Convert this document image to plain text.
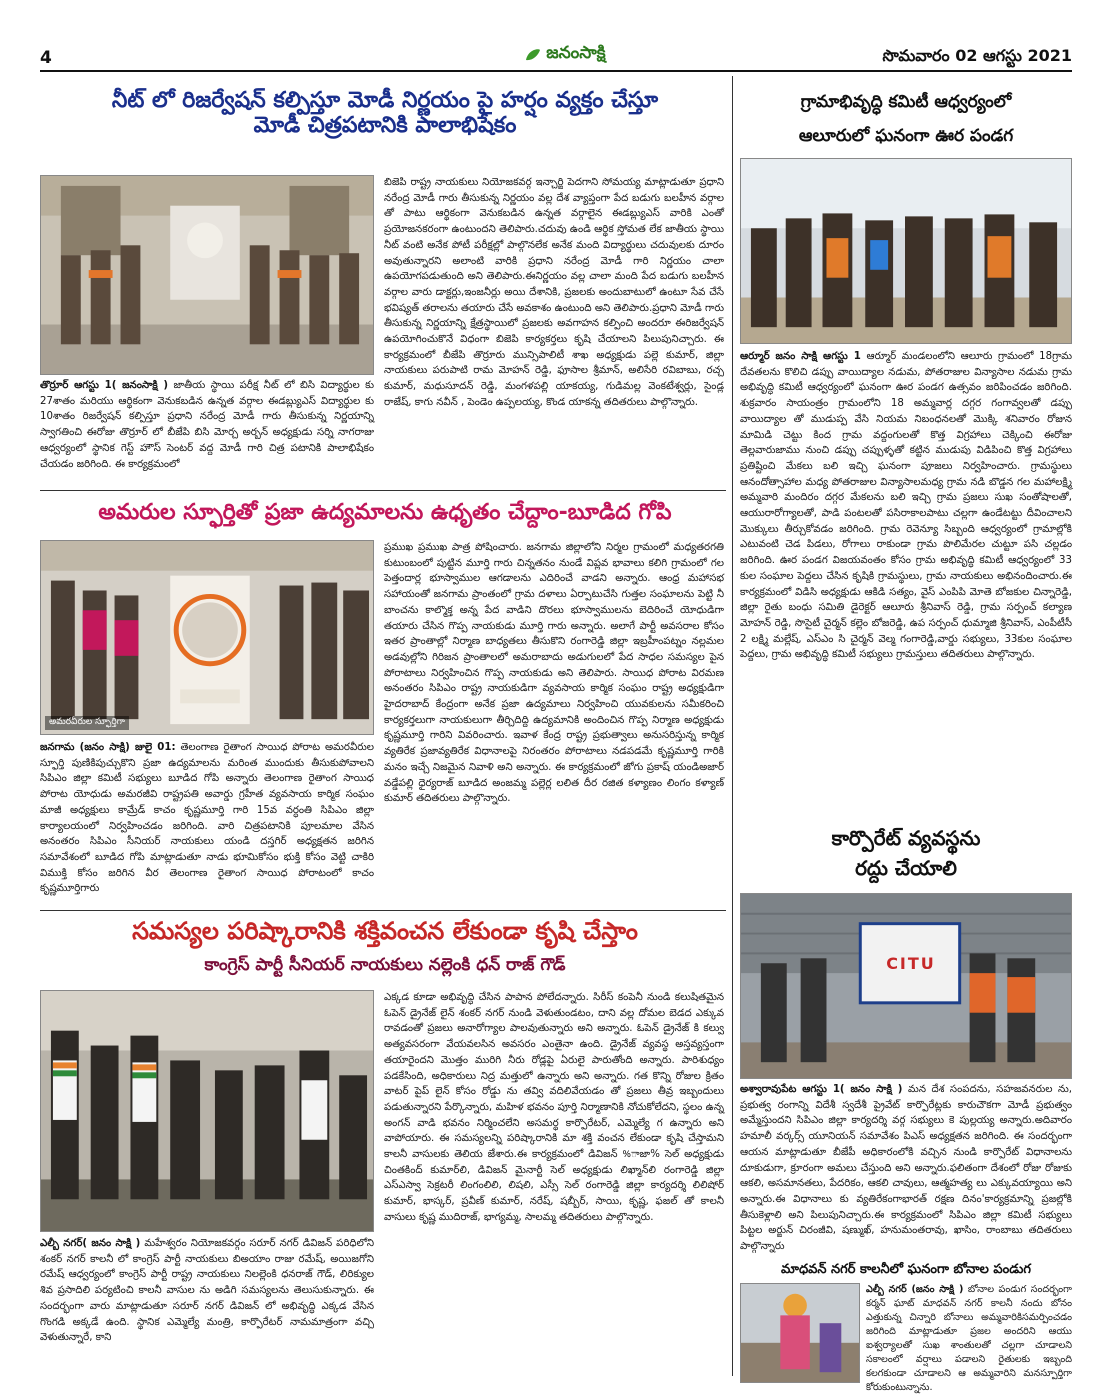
4	జనంసాక్షి	సొమవారం 02 ఆగస్టు 2021
నీట్ లో రిజర్వేషన్ కల్పిస్తూ మోడీ నిర్ణయం పై హర్షం వ్యక్తం చేస్తూ
మోడీ చిత్రపటానికి పాలాభిషేకం
తొర్రూర్ ఆగస్టు 1( జనంసాక్షి ) జాతీయ స్థాయి పరీక్ష నీట్ లో బిసి విద్యార్థుల కు 27శాతం మరియు ఆర్థికంగా వెనుకబడిన ఉన్నత వర్గాల ఈడబ్ల్యుఎస్ విద్యార్థుల కు 10శాతం రిజర్వేషన్ కల్పిస్తూ ప్రధాని నరేంద్ర మోడీ గారు తీసుకున్న నిర్ణయాన్ని స్వాగతించి ఈరోజు తొర్రూర్ లో బీజేపి బిసి మోర్చ అర్బన్ అధ్యక్షుడు సర్ని నాగరాజు ఆధ్వర్యంలో స్థానిక గెస్ట్ హౌస్ సెంటర్ వద్ద మోడీ గారి చిత్ర పటానికి పాలాభిషేకం చేయడం జరిగింది. ఈ కార్యక్రమంలో
బిజెపి రాష్ట్ర నాయకులు నియోజకవర్గ ఇన్చార్జి పెదగాని సోమయ్య మాట్లాడుతూ ప్రధాని నరేంద్ర మోడీ గారు తీసుకున్న నిర్ణయం వల్ల దేశ వ్యాప్తంగా పేద బడుగు బలహీన వర్గాల తో పాటు ఆర్థికంగా వెనుకబడిన ఉన్నత వర్గాలైన ఈడబ్ల్యుఎస్ వారికి ఎంతో ప్రయోజనకరంగా ఉంటుందని తెలిపారు.చదువు ఉండి ఆర్థిక స్తోమత లేక జాతీయ స్థాయి నీట్ వంటి అనేక పోటీ పరీక్షల్లో పాల్గొనలేక అనేక మంది విద్యార్థులు చదువులకు దూరం అవుతున్నారని అలాంటి వారికి ప్రధాని నరేంద్ర మోడీ గారి నిర్ణయం చాలా ఉపయోగపడుతుంది అని తెలిపారు.ఈనిర్ణయం వల్ల చాలా మంది పేద బడుగు బలహీన వర్గాల వారు డాక్టర్లు,ఇంజనీర్లు అయి దేశానికి, ప్రజలకు అందుబాటులో ఉంటూ సేవ చేసే భవిష్యత్ తరాలను తయారు చేసే అవకాశం ఉంటుంది అని తెలిపారు.ప్రధాని మోడీ గారు తీసుకున్న నిర్ణయాన్ని క్షేత్రస్థాయిలో ప్రజలకు అవగాహన కల్పించి అందరూ ఈరిజర్వేషన్ ఉపయోగించుకొనే విధంగా బిజెపి కార్యకర్తలు కృషి చేయాలని పిలుపునిచ్చారు. ఈ కార్యక్రమంలో బీజేపి తొర్రూరు మున్సిపాలిటీ శాఖ అధ్యక్షుడు పల్లె కుమార్, జిల్లా నాయకులు పరుపాటి రామ మోహన్ రెడ్డి, ఫూసాల శ్రీమాన్, అలిసేరి రవిబాబు, రచ్చ కుమార్, మధుసూదన్ రెడ్డి, మంగళపల్లి యాకయ్య, గుడిమల్ల వెంకటేశ్వర్లు, సైండ్ల రాజేష్, కాగు నవీన్ , పెండెం ఉప్పలయ్య, కొండ యాకన్న తదితరులు పాల్గొన్నారు.
గ్రామాభివృద్ధి కమిటీ ఆధ్వర్యంలో
ఆలూరులో ఘనంగా ఊర పండగ
ఆర్మూర్ జనం సాక్షి ఆగస్టు 1 ఆర్మూర్ మండలంలోని ఆలూరు గ్రామంలో 18గ్రామ దేవతలను కొలిచి డప్పు వాయిద్యాల నడుమ, పోతరాజుల విన్యాసాల నడుమ గ్రామ అభివృద్ధి కమిటీ ఆధ్వర్యంలో ఘనంగా ఊర పండగ ఉత్సవం జరిపించడం జరిగింది. శుక్రవారం సాయంత్రం గ్రామంలోని 18 అమ్మవార్ల దగ్గర గంగావ్వలతో డప్పు వాయిద్యాల తో ముడుప్ప వేసి నియమ నిబంధనలతో మొక్కి శనివారం రోజున మామిడి చెట్టు కింద గ్రామ వద్దంగులతో కొత్త విగ్రహాలు చెక్కించి ఈరోజు తెల్లవారుజాము నుంచి డప్పు చప్పుళ్ళతో కట్టిన ముడుపు విడిపించి కొత్త విగ్రహాలు ప్రతిష్టించి మేకలు బలి ఇచ్చి ఘనంగా పూజలు నిర్వహించారు. గ్రామస్థులు ఆనందోత్సాహాల మధ్య పోతరాజుల విన్యాసాలమధ్య గ్రామ నడి బొడ్డన గల మహాలక్ష్మి అమ్మవారి మందిరం దగ్గర మేకలను బలి ఇచ్చి గ్రామ ప్రజలు సుఖ సంతోషాలతో, ఆయురారోగ్యాలతో, పాడి పంటలతో పసిరాకాలపాటు చల్లగా ఉండేటట్టు దీవించాలని మొక్కులు తీర్చుకోవడం జరిగింది. గ్రామ రెవెన్యూ సిబ్బంది ఆధ్వర్యంలో గ్రామాల్లోకి ఎటువంటి చెడ పిడలు, రోగాలు రాకుండా గ్రామ పొలిమేరల చుట్టూ పసి చల్లడం జరిగింది. ఊర పండగ విజయవంతం కోసం గ్రామ అభివృద్ధి కమిటీ ఆధ్వర్యంలో 33 కుల సంఘాల పెద్దలు చేసిన కృషికి గ్రామస్థులు, గ్రామ నాయకులు అభినందించారు.ఈ కార్యక్రమంలో విడిసి అధ్యక్షుడు ఆకిడి సత్యం, వైస్ ఎంపిపి మోతె బోజకుల చిన్నారెడ్డి, జిల్లా రైతు బంధు సమితి డైరెక్టర్ ఆలూరు శ్రీనివాస్ రెడ్డి, గ్రామ సర్పంచ్ కల్యాణ మోహన్ రెడ్డి, సొసైటీ చైర్మన్ కల్లెం బోజరెడ్డి, ఉప సర్పంచ్ ధుమ్మాజి శ్రీనివాస్, ఎంపీటీసీ 2 లక్ష్మి మల్లేష్, ఎస్ఎం సి చైర్మన్ వెల్మ గంగారెడ్డి,వార్డు సభ్యులు, 33కుల సంఘాల పెద్దలు, గ్రామ అభివృద్ధి కమిటీ సభ్యులు గ్రామస్తులు తదితరులు పాల్గొన్నారు.
అమరుల స్ఫూర్తితో ప్రజా ఉద్యమాలను ఉధృతం చేద్దాం-బూడిద గోపి
అమరవీరుల స్ఫూర్తిగా
జనగామ (జనం సాక్షి) జులై 01: తెలంగాణ రైతాంగ సాయిధ పోరాట అమరవీరుల స్ఫూర్తి పుణికిపుచ్చుకొని ప్రజా ఉద్యమాలను మరింత ముందుకు తీసుకుపోవాలని సిపిఎం జిల్లా కమిటీ సభ్యులు బూడిద గోపి అన్నారు తెలంగాణ రైతాంగ సాయిధ పోరాట యోధుడు అమరజీవి రాష్ట్రపతి అవార్డు గ్రహీత వ్యవసాయ కార్మిక సంఘం మాజీ అధ్యక్షులు కామ్రేడ్ కాచం కృష్ణమూర్తి గారి 15వ వర్ధంతి సిపిఎం జిల్లా కార్యాలయంలో నిర్వహించడం జరిగింది. వారి చిత్రపటానికి పూలమాల వేసిన అనంతరం సిపిఎం సీనియర్ నాయకులు యండి దస్తగిర్ అధ్యక్షతన జరిగిన సమావేశంలో బూడిద గోపి మాట్లాడుతూ నాడు భూమికోసం భుక్తి కోసం వెట్టి చాకిరి విముక్తి కోసం జరిగిన వీర తెలంగాణ రైతాంగ సాయిధ పోరాటంలో కాచం కృష్ణమూర్తిగారు
ప్రముఖ ప్రముఖ పాత్ర పోషించారు. జనగామ జిల్లాలోని నిర్మల గ్రామంలో మధ్యతరగతి కుటుంబంలో పుట్టిన మూర్తి గారు చిన్నతనం నుండే విప్లవ భావాలు కలిగి గ్రామంలో గల పెత్తందార్ల భూస్వాముల ఆగడాలను ఎదిరించే వాడని అన్నారు. ఆంధ్ర మహాసభ సహాయంతో జనగామ ప్రాంతంలో గ్రామ దళాలు ఏర్పాటుచేసి గుత్తల సంఘాలను పెట్టి నీ బాంచను కాల్మొక్త అన్న పేద వాడిని దొరలు భూస్వాములను బెదిరించే యోధుడిగా తయారు చేసిన గొప్ప నాయకుడు మూర్తి గారు అన్నారు. అలాగే పార్టీ అవసరాల కోసం ఇతర ప్రాంతాల్లో నిర్మాణ బాధ్యతలు తీసుకొని రంగారెడ్డి జిల్లా ఇబ్రహీంపట్నం నల్లమల అడవుల్లోని గిరిజన ప్రాంతాలలో అమరాబాదు అడుగులలో పేద సాధల సమస్యల పైన పోరాటాలు నిర్వహించిన గొప్ప నాయకుడు అని తెలిపారు. సాయిధ పోరాట విరమణ అనంతరం సిపిఎం రాష్ట్ర నాయకుడిగా వ్యవసాయ కార్మిక సంఘం రాష్ట్ర అధ్యక్షుడిగా హైదరాబాద్ కేంద్రంగా అనేక ప్రజా ఉద్యమాలు నిర్వహించి యువకులను సమీకరించి కార్యకర్తలుగా నాయకులుగా తీర్చిదిద్ది ఉద్యమానికి అందించిన గొప్ప నిర్మాణ అధ్యక్షుడు కృష్ణమూర్తి గారిని వివరించారు. ఇవాళ కేంద్ర రాష్ట్ర ప్రభుత్వాలు అనుసరిస్తున్న కార్మిక వ్యతిరేక ప్రజావ్యతిరేక విధానాలపై నిరంతరం పోరాటాలు నడపడమే కృష్ణమూర్తి గారికి మనం ఇచ్చే నిజమైన నివాళి అని అన్నారు. ఈ కార్యక్రమంలో జోగు ప్రకాష్ యండిఅజార్ వడ్డేపల్లి ధైర్యరాజ్ బూడిద అంజమ్మ పల్లెర్ల లలిత దీర రజిత కళ్యాణం లింగం కళ్యాణ్ కుమార్ తదితరులు పాల్గొన్నారు.
కార్పొరేట్ వ్యవస్థను
రద్దు చేయాలి
CITU
అశ్వారావుపేట ఆగస్టు 1( జనం సాక్షి ) మన దేశ సంపదను, సహజవనరుల ను, ప్రభుత్వ రంగాన్ని విదేశీ స్వదేశీ ప్రైవేట్ కార్పొరేట్లకు కారుచౌకగా మోడీ ప్రభుత్వం అమ్మేస్తుందని సిపిఎం జిల్లా కార్యదర్శి వర్గ సభ్యులు కె పుల్లయ్య అన్నారు.అదివారం హమాలీ వర్కర్స్ యూనియన్ సమావేశం పిఎస్ అధ్యక్షతన జరిగింది. ఈ సందర్భంగా ఆయన మాట్లాడుతూ బీజేపీ అధికారంలోకి వచ్చిన నుండి కార్పొరేట్ విధానాలను దూకుడుగా, క్రూరంగా అమలు చేస్తుంది అని అన్నారు.ఫలితంగా దేశంలో రోజు రోజుకు ఆకలి, అసమానతలు, పేదరికం, ఆకలి చావులు, ఆత్మహత్య లు ఎక్కువయ్యాయి అని అన్నారు.ఈ విధానాలు కు వ్యతిరేకంగాభారత్ రక్షణ దినం'కార్యక్రమాన్ని ప్రజల్లోకి తీసుకెళ్లాలి అని పిలుపునిచ్చారు.ఈ కార్యక్రమంలో సిపిఎం జిల్లా కమిటీ సభ్యులు పిట్టల అర్జున్ చిరంజీవి, షణ్ముఖ్, హనుమంతరావు, ఖాసిం, రాంబాబు తదితరులు పాల్గొన్నారు
మాధవన్ నగర్ కాలనీలో ఘనంగా బోనాల పండుగ
ఎల్బీ నగర్ (జనం సాక్షి ) బోనాల పండుగ సందర్భంగా కర్మన్ ఘాట్ మాధవన్ నగర్ కాలనీ నందు బోనం ఎత్తుకున్న చిన్నారి బోనాలు అమ్మవారికిసమర్పించడం జరిగింది మాట్లాడుతూ ప్రజల అందరిని ఆయు ఐశ్వర్యాలతో సుఖ శాంతులతో చల్లగా చూడాలని సకాలంలో వర్షాలు పడాలని రైతులకు ఇబ్బంది కలగకుండా చూడాలని ఆ అమ్మవారిని మనస్పూర్తిగా కోరుకుంటున్నాను.
సమస్యల పరిష్కారానికి శక్తివంచన లేకుండా కృషి చేస్తాం
కాంగ్రెస్ పార్టీ సీనియర్ నాయకులు నల్లెంకి ధన్ రాజ్ గౌడ్
ఎల్బీ నగర్( జనం సాక్షి ) మహేశ్వరం నియోజకవర్గం సరూర్ నగర్ డివిజన్ పరిధిలోని శంకర్ నగర్ కాలనీ లో కాంగ్రెస్ పార్టీ నాయకులు బిఅయాం రాజు రమేష్, అయిజగోని రమేష్ ఆధ్వర్యంలో కాంగ్రెస్ పార్టీ రాష్ట్ర నాయకులు నిలల్లెంకి ధనరాజ్ గౌడ్, లిరిక్యుల శివ ప్రసాదిలి పర్యటించి కాలనీ వాసుల ను అడిగి సమస్యలను తెలుసుకున్నారు. ఈ సందర్భంగా వారు మాట్లాడుతూ సరూర్ నగర్ డివిజన్ లో అభివృద్ధి ఎక్కడ వేసిన గొంగడి అక్కడే ఉంది. స్థానిక ఎమ్మెల్యే మంత్రి, కార్పొరేటర్ నామమాత్రంగా వచ్చి వెళుతున్నారే, కాని
ఎక్కడ కూడా అభివృద్ధి చేసిన పాపాన పోలేదన్నారు. సిరీస్ కంపెనీ నుండి కలుషితమైన ఓపెన్ డ్రైనేజ్ లైన్ శంకర్ నగర్ నుండి వెళుతుండటం, దాని వల్ల దోమల బెడద ఎక్కువ రావడంతో ప్రజలు అనారోగ్యాల పాలవుతున్నారు అని అన్నారు. ఓపెన్ డ్రైనేజ్ కి కల్వు అత్యవసరంగా వేయవలసిన అవసరం ఎంతైనా ఉంది. డ్రైనేజ్ వ్యవస్థ అస్తవ్యస్తంగా తయారైందని మొత్తం మురిగి నీరు రోడ్లపై ఏరులై పారుతోంది అన్నారు. పారిశుధ్యం పడకేసింది, అధికారులు నిద్ర మత్తులో ఉన్నారు అని అన్నారు. గత కొన్ని రోజుల క్రితం వాటర్ పైప్ లైన్ కోసం రోడ్డు ను తవ్వి వదిలివేయడం తో ప్రజలు తీవ్ర ఇబ్బందులు పడుతున్నారని పేర్కొన్నారు, మహిళ భవనం పూర్తి నిర్మాణానికి నోచుకోలేదని, స్థలం ఉన్న అంగన్ వాడి భవనం నిర్మించలేని అసమర్థ కార్పొరేటర్, ఎమ్మెల్యే గ ఉన్నారు అని వాపోయారు. ఈ సమస్యలన్ని పరిష్కారానికి మా శక్తి వంచన లేకుండా కృషి చేస్తామని కాలనీ వాసులకు తెలియ జేశారు.ఈ కార్యక్రమంలో డివిజన్ %ాజా% సెల్ అధ్యక్షుడు చింతకింద్ కుమార్‌లి, డివిజన్ మైనార్టీ సెల్ అధ్యక్షుడు లిఖ్మాన్‌లి రంగారెడ్డి జిల్లా ఎస్ఎస్వా సెక్రటరీ లింగంలిలి, లిషలి, ఎస్సీ సెల్ రంగారెడ్డి జిల్లా కార్యదర్శి లిలిషోర్ కుమార్, భాస్కర్, ప్రవీణ్ కుమార్, నరేష్, షబ్బీర్, సాయి, కృష్ణ, ఫజల్ తో కాలనీ వాసులు కృష్ణ ముదిరాజ్, భాగ్యమ్మ, సాలమ్మ తదితరులు పాల్గొన్నారు.
